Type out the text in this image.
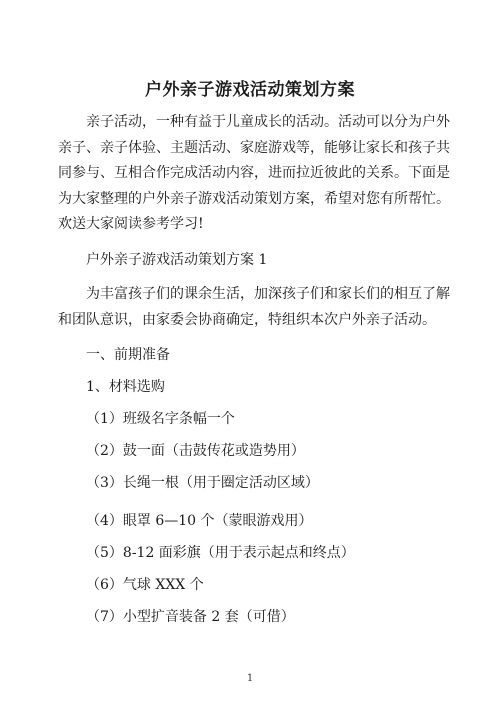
户外亲子游戏活动策划方案

亲子活动，一种有益于儿童成长的活动。活动可以分为户外亲子、亲子体验、主题活动、家庭游戏等，能够让家长和孩子共同参与、互相合作完成活动内容，进而拉近彼此的关系。下面是为大家整理的户外亲子游戏活动策划方案，希望对您有所帮忙。欢送大家阅读参考学习!

户外亲子游戏活动策划方案 1

为丰富孩子们的课余生活，加深孩子们和家长们的相互了解和团队意识，由家委会协商确定，特组织本次户外亲子活动。

一、前期准备

1、材料选购

（1）班级名字条幅一个

（2）鼓一面（击鼓传花或造势用）

（3）长绳一根（用于圈定活动区域）

（4）眼罩 6—10 个（蒙眼游戏用）

（5）8-12 面彩旗（用于表示起点和终点）

（6）气球 XXX 个

（7）小型扩音装备 2 套（可借）

1
